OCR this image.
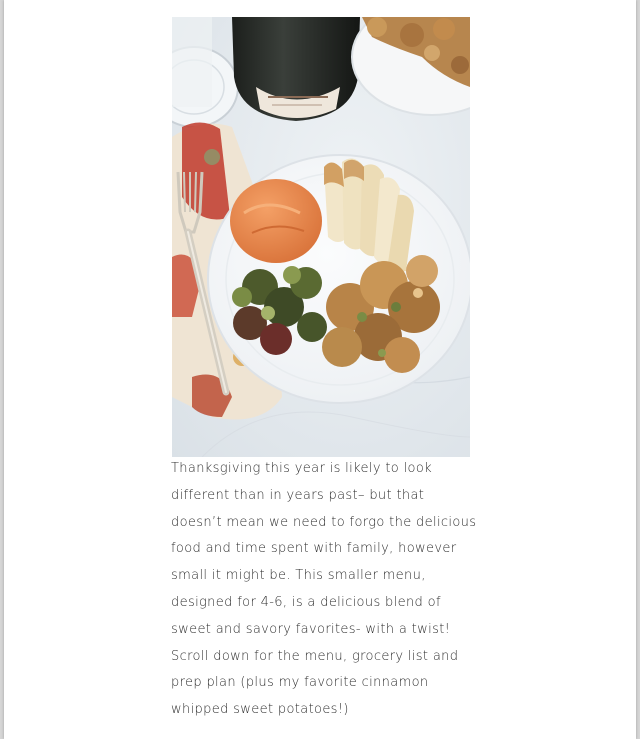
Thanksgiving this year is likely to look
different than in years past– but that
doesn’t mean we need to forgo the delicious
food and time spent with family, however
small it might be. This smaller menu,
designed for 4-6, is a delicious blend of
sweet and savory favorites- with a twist!
Scroll down for the menu, grocery list and
prep plan (plus my favorite cinnamon
whipped sweet potatoes!)
